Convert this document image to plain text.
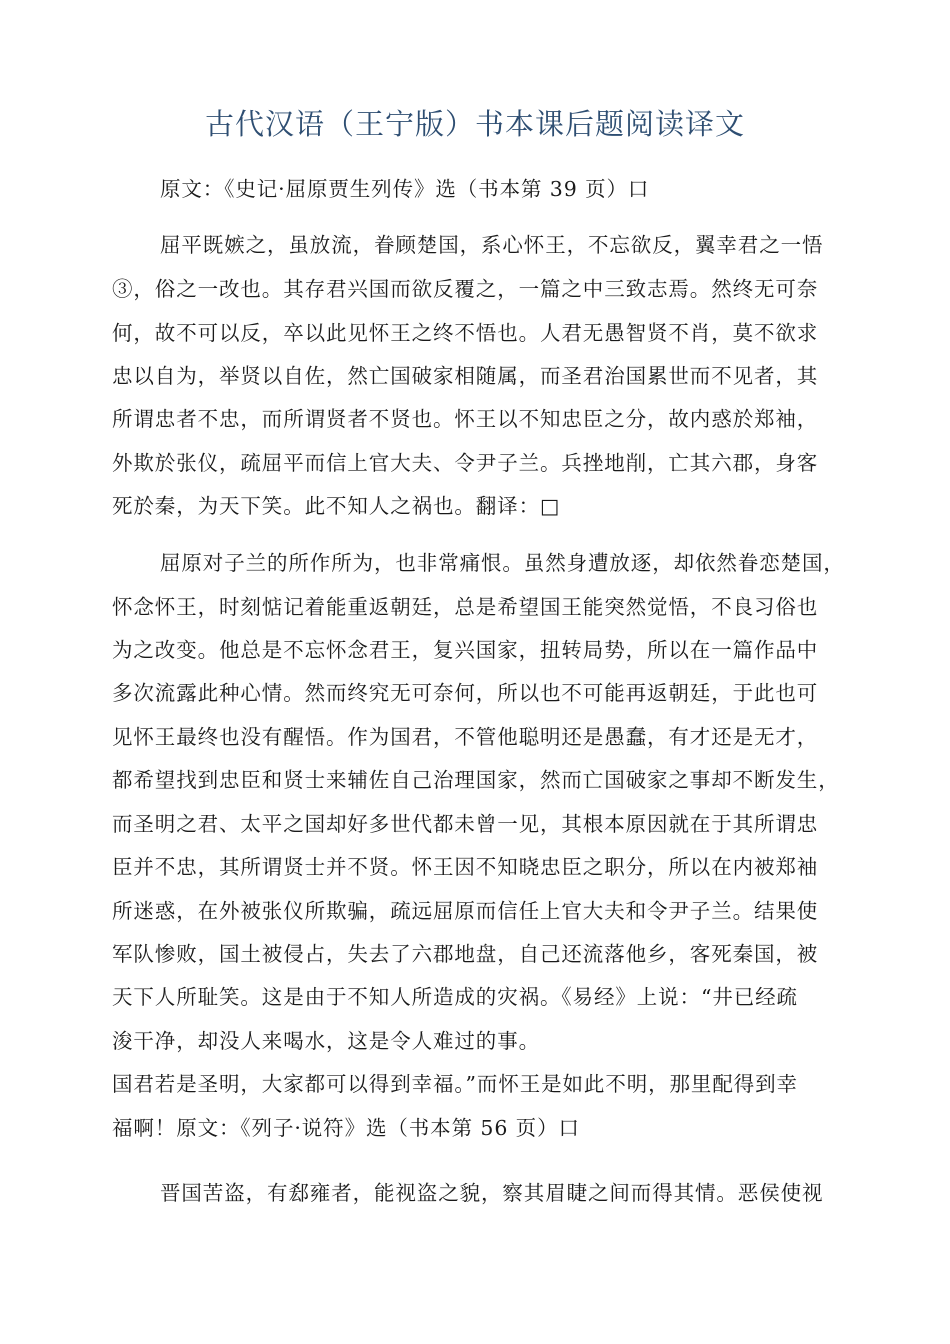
古代汉语（王宁版）书本课后题阅读译文
原文：《史记·屈原贾生列传》选（书本第 39 页）口
屈平既嫉之，虽放流，眷顾楚国，系心怀王，不忘欲反，翼幸君之一悟
③，俗之一改也。其存君兴国而欲反覆之，一篇之中三致志焉。然终无可奈
何，故不可以反，卒以此见怀王之终不悟也。人君无愚智贤不肖，莫不欲求
忠以自为，举贤以自佐，然亡国破家相随属，而圣君治国累世而不见者，其
所谓忠者不忠，而所谓贤者不贤也。怀王以不知忠臣之分，故内惑於郑袖，
外欺於张仪，疏屈平而信上官大夫、令尹子兰。兵挫地削，亡其六郡，身客
死於秦，为天下笑。此不知人之祸也。翻译：□
屈原对子兰的所作所为，也非常痛恨。虽然身遭放逐，却依然眷恋楚国，
怀念怀王，时刻惦记着能重返朝廷，总是希望国王能突然觉悟，不良习俗也
为之改变。他总是不忘怀念君王，复兴国家，扭转局势，所以在一篇作品中
多次流露此种心情。然而终究无可奈何，所以也不可能再返朝廷，于此也可
见怀王最终也没有醒悟。作为国君，不管他聪明还是愚蠢，有才还是无才，
都希望找到忠臣和贤士来辅佐自己治理国家，然而亡国破家之事却不断发生，
而圣明之君、太平之国却好多世代都未曾一见，其根本原因就在于其所谓忠
臣并不忠，其所谓贤士并不贤。怀王因不知晓忠臣之职分，所以在内被郑袖
所迷惑，在外被张仪所欺骗，疏远屈原而信任上官大夫和令尹子兰。结果使
军队惨败，国土被侵占，失去了六郡地盘，自己还流落他乡，客死秦国，被
天下人所耻笑。这是由于不知人所造成的灾祸。《易经》上说：“井已经疏
浚干净，却没人来喝水，这是令人难过的事。
国君若是圣明，大家都可以得到幸福。”而怀王是如此不明，那里配得到幸
福啊！原文：《列子·说符》选（书本第 56 页）口
晋国苦盗，有郄雍者，能视盗之貌，察其眉睫之间而得其情。恶侯使视
